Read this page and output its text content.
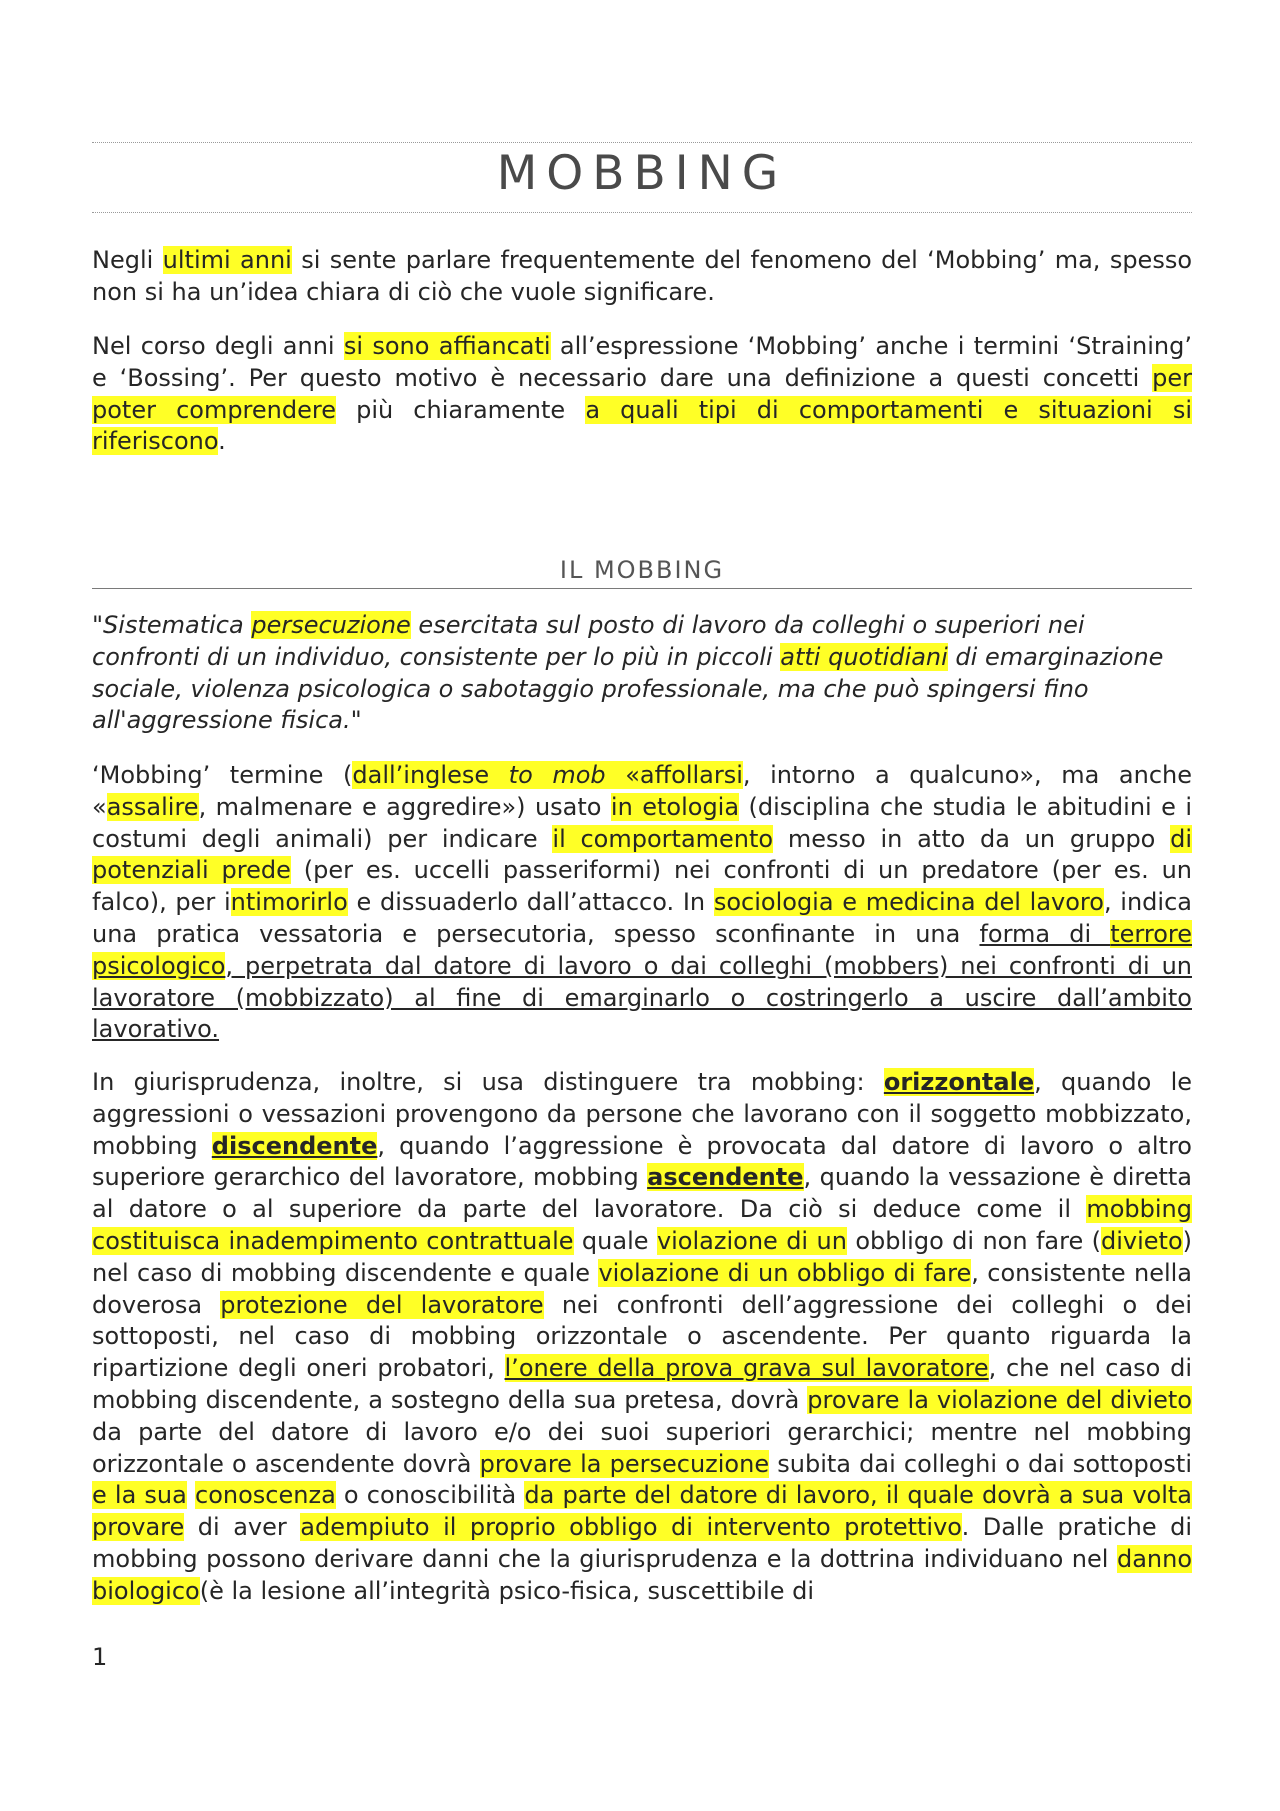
MOBBING

Negli ultimi anni si sente parlare frequentemente del fenomeno del ‘Mobbing’ ma, spesso non si ha un’idea chiara di ciò che vuole significare.

Nel corso degli anni si sono affiancati all’espressione ‘Mobbing’ anche i termini ‘Straining’ e ‘Bossing’. Per questo motivo è necessario dare una definizione a questi concetti per poter comprendere più chiaramente a quali tipi di comportamenti e situazioni si riferiscono.

IL MOBBING

"Sistematica persecuzione esercitata sul posto di lavoro da colleghi o superiori nei confronti di un individuo, consistente per lo più in piccoli atti quotidiani di emarginazione sociale, violenza psicologica o sabotaggio professionale, ma che può spingersi fino all'aggressione fisica."

‘Mobbing’ termine (dall’inglese to mob «affollarsi, intorno a qualcuno», ma anche «assalire, malmenare e aggredire») usato in etologia (disciplina che studia le abitudini e i costumi degli animali) per indicare il comportamento messo in atto da un gruppo di potenziali prede (per es. uccelli passeriformi) nei confronti di un predatore (per es. un falco), per intimorirlo e dissuaderlo dall’attacco. In sociologia e medicina del lavoro, indica una pratica vessatoria e persecutoria, spesso sconfinante in una forma di terrore psicologico, perpetrata dal datore di lavoro o dai colleghi (mobbers) nei confronti di un lavoratore (mobbizzato) al fine di emarginarlo o costringerlo a uscire dall’ambito lavorativo.

In giurisprudenza, inoltre, si usa distinguere tra mobbing: orizzontale, quando le aggressioni o vessazioni provengono da persone che lavorano con il soggetto mobbizzato, mobbing discendente, quando l’aggressione è provocata dal datore di lavoro o altro superiore gerarchico del lavoratore, mobbing ascendente, quando la vessazione è diretta al datore o al superiore da parte del lavoratore. Da ciò si deduce come il mobbing costituisca inadempimento contrattuale quale violazione di un obbligo di non fare (divieto) nel caso di mobbing discendente e quale violazione di un obbligo di fare, consistente nella doverosa protezione del lavoratore nei confronti dell’aggressione dei colleghi o dei sottoposti, nel caso di mobbing orizzontale o ascendente. Per quanto riguarda la ripartizione degli oneri probatori, l’onere della prova grava sul lavoratore, che nel caso di mobbing discendente, a sostegno della sua pretesa, dovrà provare la violazione del divieto da parte del datore di lavoro e/o dei suoi superiori gerarchici; mentre nel mobbing orizzontale o ascendente dovrà provare la persecuzione subita dai colleghi o dai sottoposti e la sua conoscenza o conoscibilità da parte del datore di lavoro, il quale dovrà a sua volta provare di aver adempiuto il proprio obbligo di intervento protettivo. Dalle pratiche di mobbing possono derivare danni che la giurisprudenza e la dottrina individuano nel danno biologico(è la lesione all’integrità psico-fisica, suscettibile di

1
